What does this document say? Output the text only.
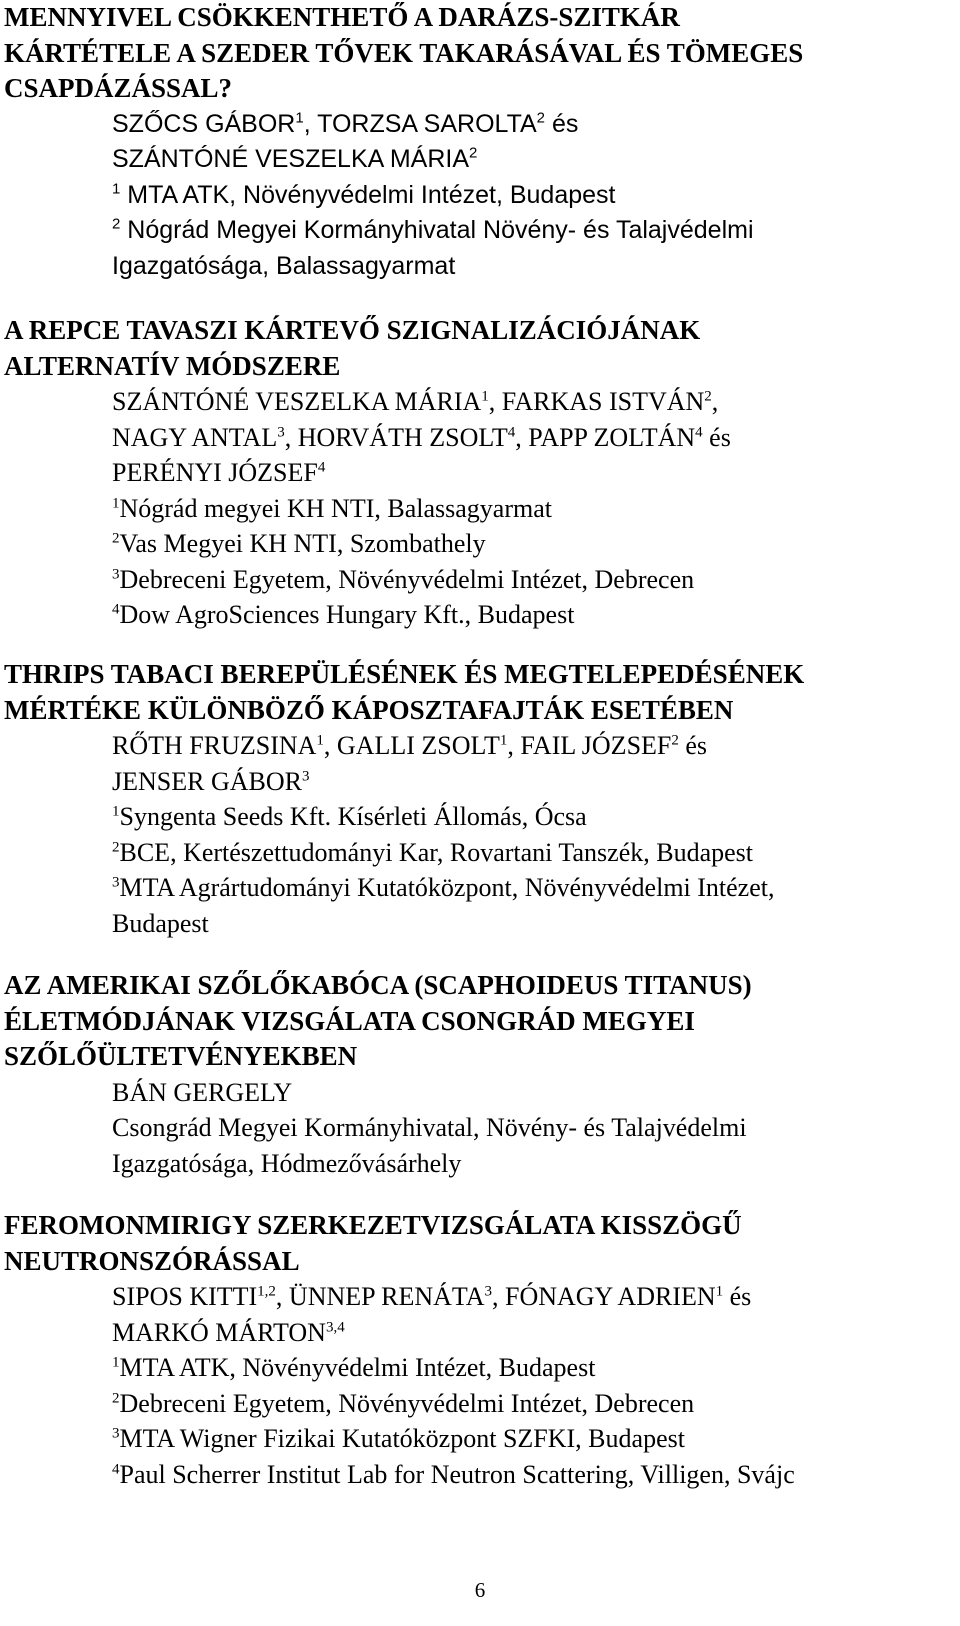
MENNYIVEL CSÖKKENTHETŐ A DARÁZS-SZITKÁR
KÁRTÉTELE A SZEDER TŐVEK TAKARÁSÁVAL ÉS TÖMEGES
CSAPDÁZÁSSAL?
SZŐCS GÁBOR$^1$, TORZSA SAROLTA$^2$ és
SZÁNTÓNÉ VESZELKA MÁRIA$^2$
$^1$ MTA ATK, Növényvédelmi Intézet, Budapest
$^2$ Nógrád Megyei Kormányhivatal Növény- és Talajvédelmi
Igazgatósága, Balassagyarmat
A REPCE TAVASZI KÁRTEVŐ SZIGNALIZÁCIÓJÁNAK
ALTERNATÍV MÓDSZERE
SZÁNTÓNÉ VESZELKA MÁRIA$^1$, FARKAS ISTVÁN$^2$,
NAGY ANTAL$^3$, HORVÁTH ZSOLT$^4$, PAPP ZOLTÁN$^4$ és
PERÉNYI JÓZSEF$^4$
$^1$Nógrád megyei KH NTI, Balassagyarmat
$^2$Vas Megyei KH NTI, Szombathely
$^3$Debreceni Egyetem, Növényvédelmi Intézet, Debrecen
$^4$Dow AgroSciences Hungary Kft., Budapest
THRIPS TABACI BEREPÜLÉSÉNEK ÉS MEGTELEPEDÉSÉNEK
MÉRTÉKE KÜLÖNBÖZŐ KÁPOSZTAFAJTÁK ESETÉBEN
RŐTH FRUZSINA$^1$, GALLI ZSOLT$^1$, FAIL JÓZSEF$^2$ és
JENSER GÁBOR$^3$
$^1$Syngenta Seeds Kft. Kísérleti Állomás, Ócsa
$^2$BCE, Kertészettudományi Kar, Rovartani Tanszék, Budapest
$^3$MTA Agrártudományi Kutatóközpont, Növényvédelmi Intézet,
Budapest
AZ AMERIKAI SZŐLŐKABÓCA (SCAPHOIDEUS TITANUS)
ÉLETMÓDJÁNAK VIZSGÁLATA CSONGRÁD MEGYEI
SZŐLŐÜLTETVÉNYEKBEN
BÁN GERGELY
Csongrád Megyei Kormányhivatal, Növény- és Talajvédelmi
Igazgatósága, Hódmezővásárhely
FEROMONMIRIGY SZERKEZETVIZSGÁLATA KISSZÖGŰ
NEUTRONSZÓRÁSSAL
SIPOS KITTI$^{1,2}$, ÜNNEP RENÁTA$^3$, FÓNAGY ADRIEN$^1$ és
MARKÓ MÁRTON$^{3,4}$
$^1$MTA ATK, Növényvédelmi Intézet, Budapest
$^2$Debreceni Egyetem, Növényvédelmi Intézet, Debrecen
$^3$MTA Wigner Fizikai Kutatóközpont SZFKI, Budapest
$^4$Paul Scherrer Institut Lab for Neutron Scattering, Villigen, Svájc
6
